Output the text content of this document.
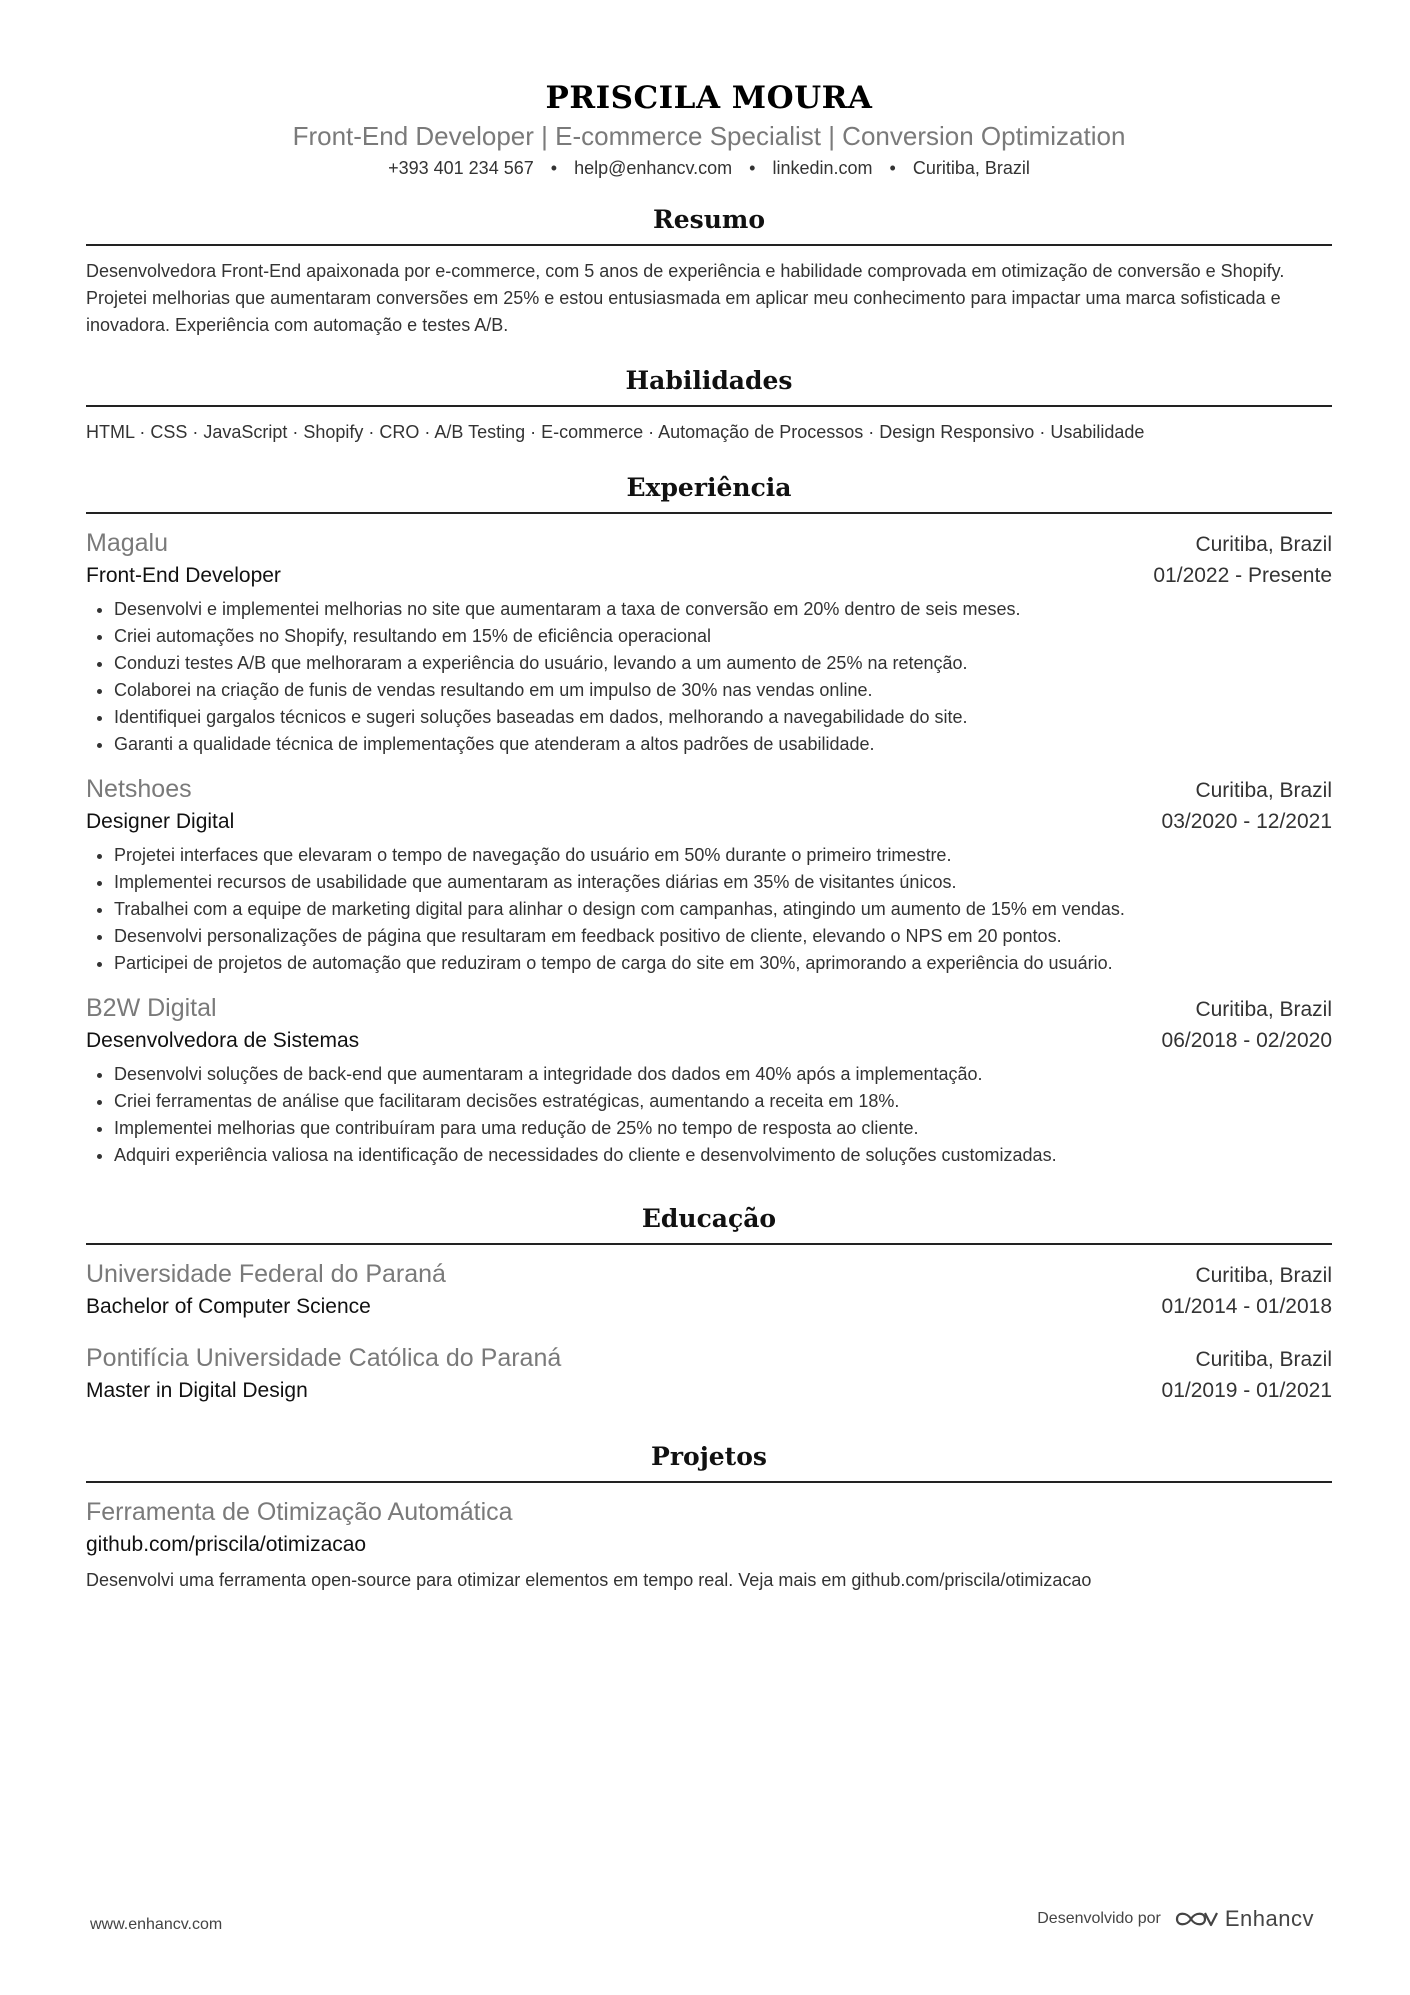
PRISCILA MOURA
Front-End Developer | E-commerce Specialist | Conversion Optimization
+393 401 234 567 • help@enhancv.com • linkedin.com • Curitiba, Brazil
Resumo
Desenvolvedora Front-End apaixonada por e-commerce, com 5 anos de experiência e habilidade comprovada em otimização de conversão e Shopify. Projetei melhorias que aumentaram conversões em 25% e estou entusiasmada em aplicar meu conhecimento para impactar uma marca sofisticada e inovadora. Experiência com automação e testes A/B.
Habilidades
HTML · CSS · JavaScript · Shopify · CRO · A/B Testing · E-commerce · Automação de Processos · Design Responsivo · Usabilidade
Experiência
Magalu	Curitiba, Brazil
Front-End Developer	01/2022 - Presente
• Desenvolvi e implementei melhorias no site que aumentaram a taxa de conversão em 20% dentro de seis meses.
• Criei automações no Shopify, resultando em 15% de eficiência operacional
• Conduzi testes A/B que melhoraram a experiência do usuário, levando a um aumento de 25% na retenção.
• Colaborei na criação de funis de vendas resultando em um impulso de 30% nas vendas online.
• Identifiquei gargalos técnicos e sugeri soluções baseadas em dados, melhorando a navegabilidade do site.
• Garanti a qualidade técnica de implementações que atenderam a altos padrões de usabilidade.
Netshoes	Curitiba, Brazil
Designer Digital	03/2020 - 12/2021
• Projetei interfaces que elevaram o tempo de navegação do usuário em 50% durante o primeiro trimestre.
• Implementei recursos de usabilidade que aumentaram as interações diárias em 35% de visitantes únicos.
• Trabalhei com a equipe de marketing digital para alinhar o design com campanhas, atingindo um aumento de 15% em vendas.
• Desenvolvi personalizações de página que resultaram em feedback positivo de cliente, elevando o NPS em 20 pontos.
• Participei de projetos de automação que reduziram o tempo de carga do site em 30%, aprimorando a experiência do usuário.
B2W Digital	Curitiba, Brazil
Desenvolvedora de Sistemas	06/2018 - 02/2020
• Desenvolvi soluções de back-end que aumentaram a integridade dos dados em 40% após a implementação.
• Criei ferramentas de análise que facilitaram decisões estratégicas, aumentando a receita em 18%.
• Implementei melhorias que contribuíram para uma redução de 25% no tempo de resposta ao cliente.
• Adquiri experiência valiosa na identificação de necessidades do cliente e desenvolvimento de soluções customizadas.
Educação
Universidade Federal do Paraná	Curitiba, Brazil
Bachelor of Computer Science	01/2014 - 01/2018
Pontifícia Universidade Católica do Paraná	Curitiba, Brazil
Master in Digital Design	01/2019 - 01/2021
Projetos
Ferramenta de Otimização Automática
github.com/priscila/otimizacao
Desenvolvi uma ferramenta open-source para otimizar elementos em tempo real. Veja mais em github.com/priscila/otimizacao
www.enhancv.com	Desenvolvido por	Enhancv
